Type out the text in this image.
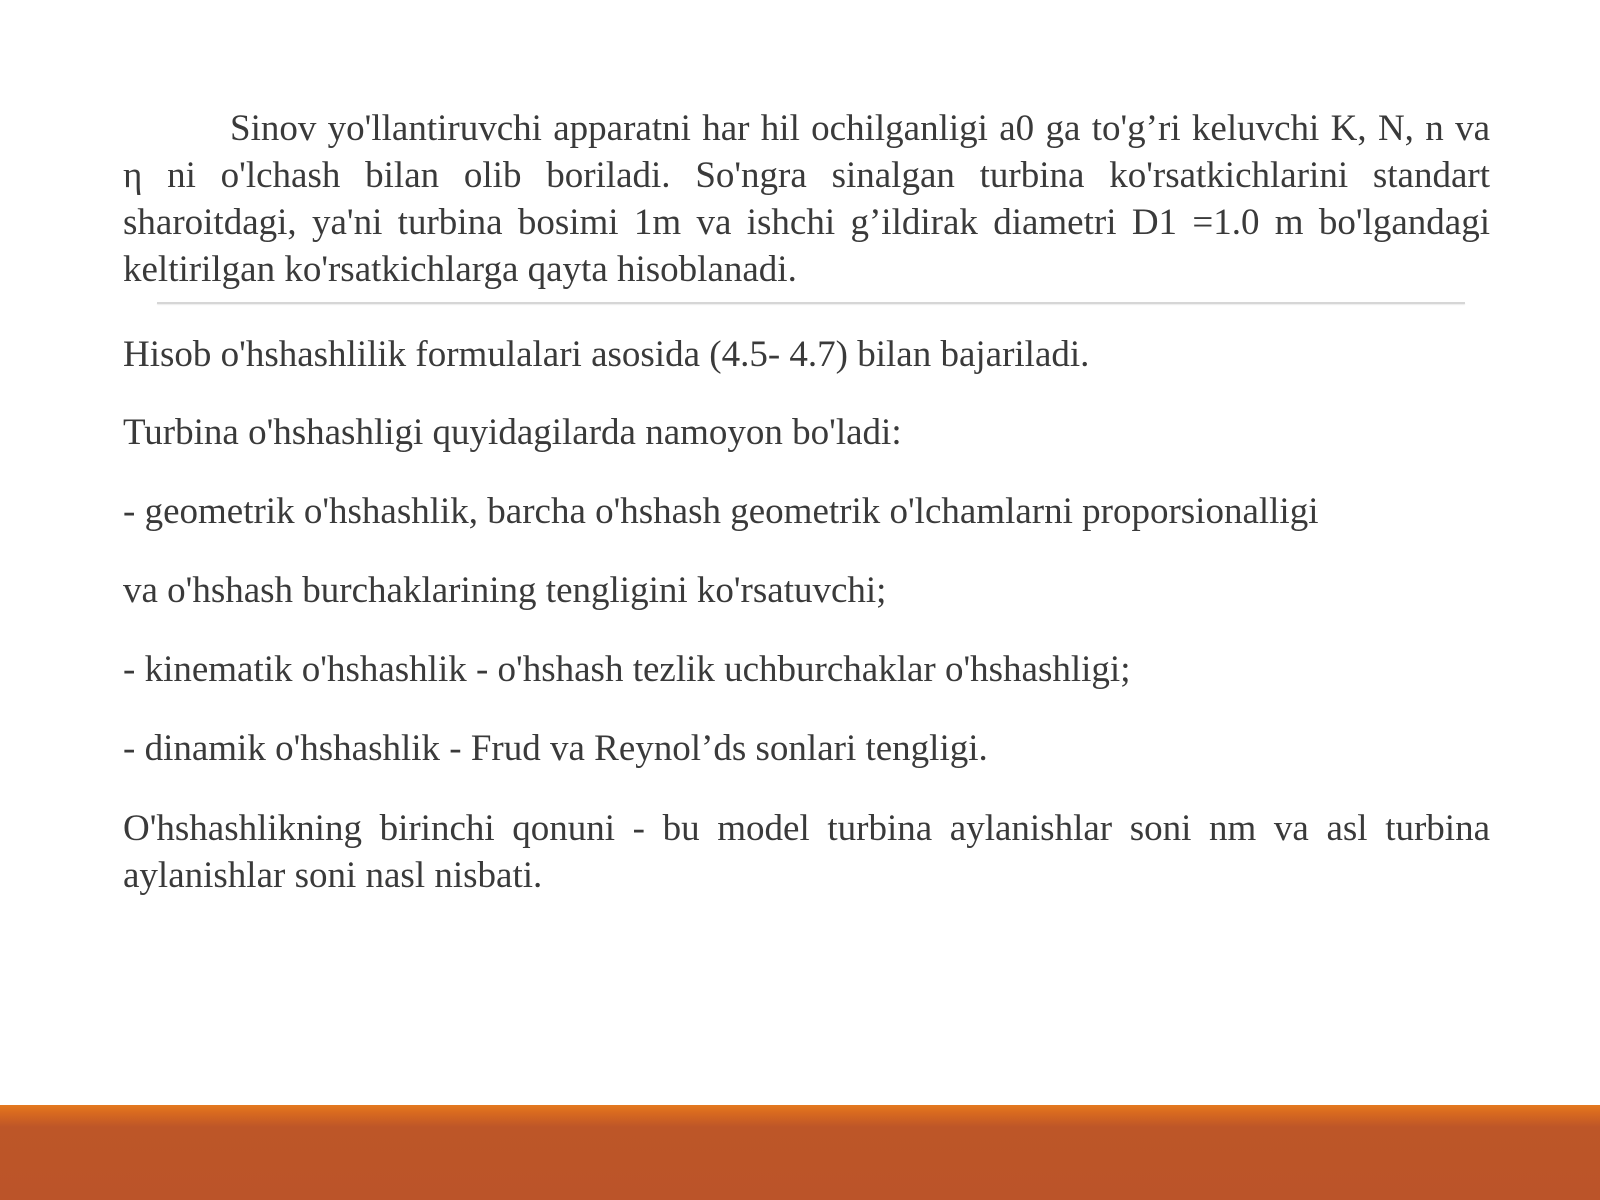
Sinov yo'llantiruvchi apparatni har hil ochilganligi a0 ga to'g’ri keluvchi K, N, n va η ni o'lchash bilan olib boriladi. So'ngra sinalgan turbina ko'rsatkichlarini standart sharoitdagi, ya'ni turbina bosimi 1m va ishchi g’ildirak diametri D1 =1.0 m bo'lgandagi keltirilgan ko'rsatkichlarga qayta hisoblanadi.

Hisob o'hshashlilik formulalari asosida (4.5- 4.7) bilan bajariladi.
Turbina o'hshashligi quyidagilarda namoyon bo'ladi:
- geometrik o'hshashlik, barcha o'hshash geometrik o'lchamlarni proporsionalligi
va o'hshash burchaklarining tengligini ko'rsatuvchi;
- kinematik o'hshashlik - o'hshash tezlik uchburchaklar o'hshashligi;
- dinamik o'hshashlik - Frud va Reynol’ds sonlari tengligi.
O'hshashlikning birinchi qonuni - bu model turbina aylanishlar soni nm va asl turbina aylanishlar soni nasl nisbati.
